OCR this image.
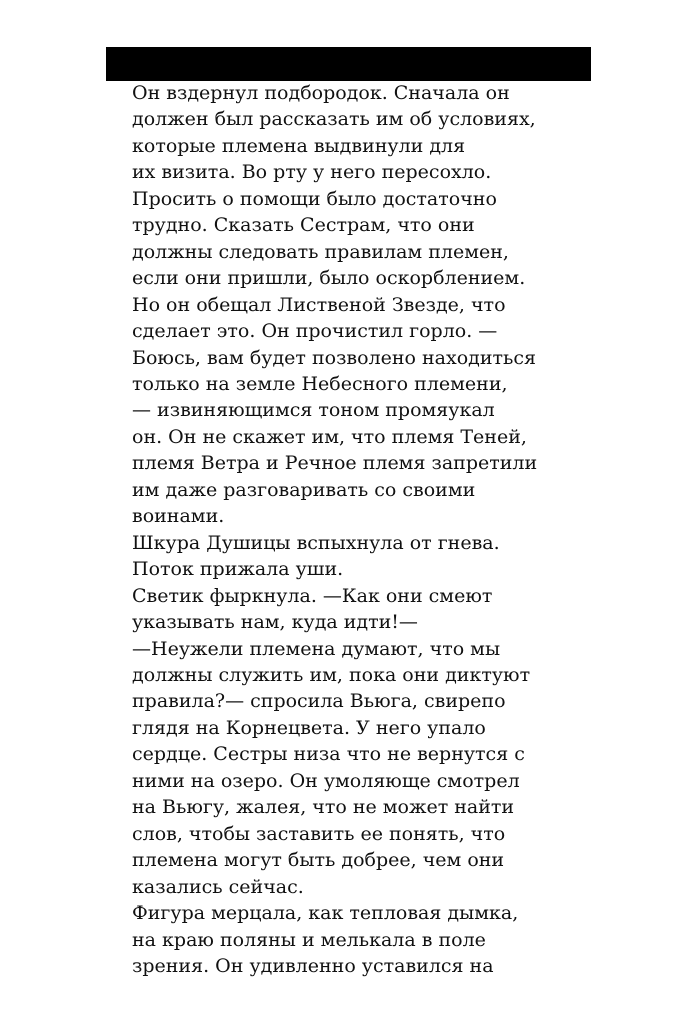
Он вздернул подбородок. Сначала он
должен был рассказать им об условиях,
которые племена выдвинули для
их визита. Во рту у него пересохло.
Просить о помощи было достаточно
трудно. Сказать Сестрам, что они
должны следовать правилам племен,
если они пришли, было оскорблением.
Но он обещал Лиственой Звезде, что
сделает это. Он прочистил горло. —
Боюсь, вам будет позволено находиться
только на земле Небесного племени,
— извиняющимся тоном промяукал
он. Он не скажет им, что племя Теней,
племя Ветра и Речное племя запретили
им даже разговаривать со своими
воинами.
Шкура Душицы вспыхнула от гнева.
Поток прижала уши.
Светик фыркнула. —Как они смеют
указывать нам, куда идти!—
—Неужели племена думают, что мы
должны служить им, пока они диктуют
правила?— спросила Вьюга, свирепо
глядя на Корнецвета. У него упало
сердце. Сестры низа что не вернутся с
ними на озеро. Он умоляюще смотрел
на Вьюгу, жалея, что не может найти
слов, чтобы заставить ее понять, что
племена могут быть добрее, чем они
казались сейчас.
Фигура мерцала, как тепловая дымка,
на краю поляны и мелькала в поле
зрения. Он удивленно уставился на
